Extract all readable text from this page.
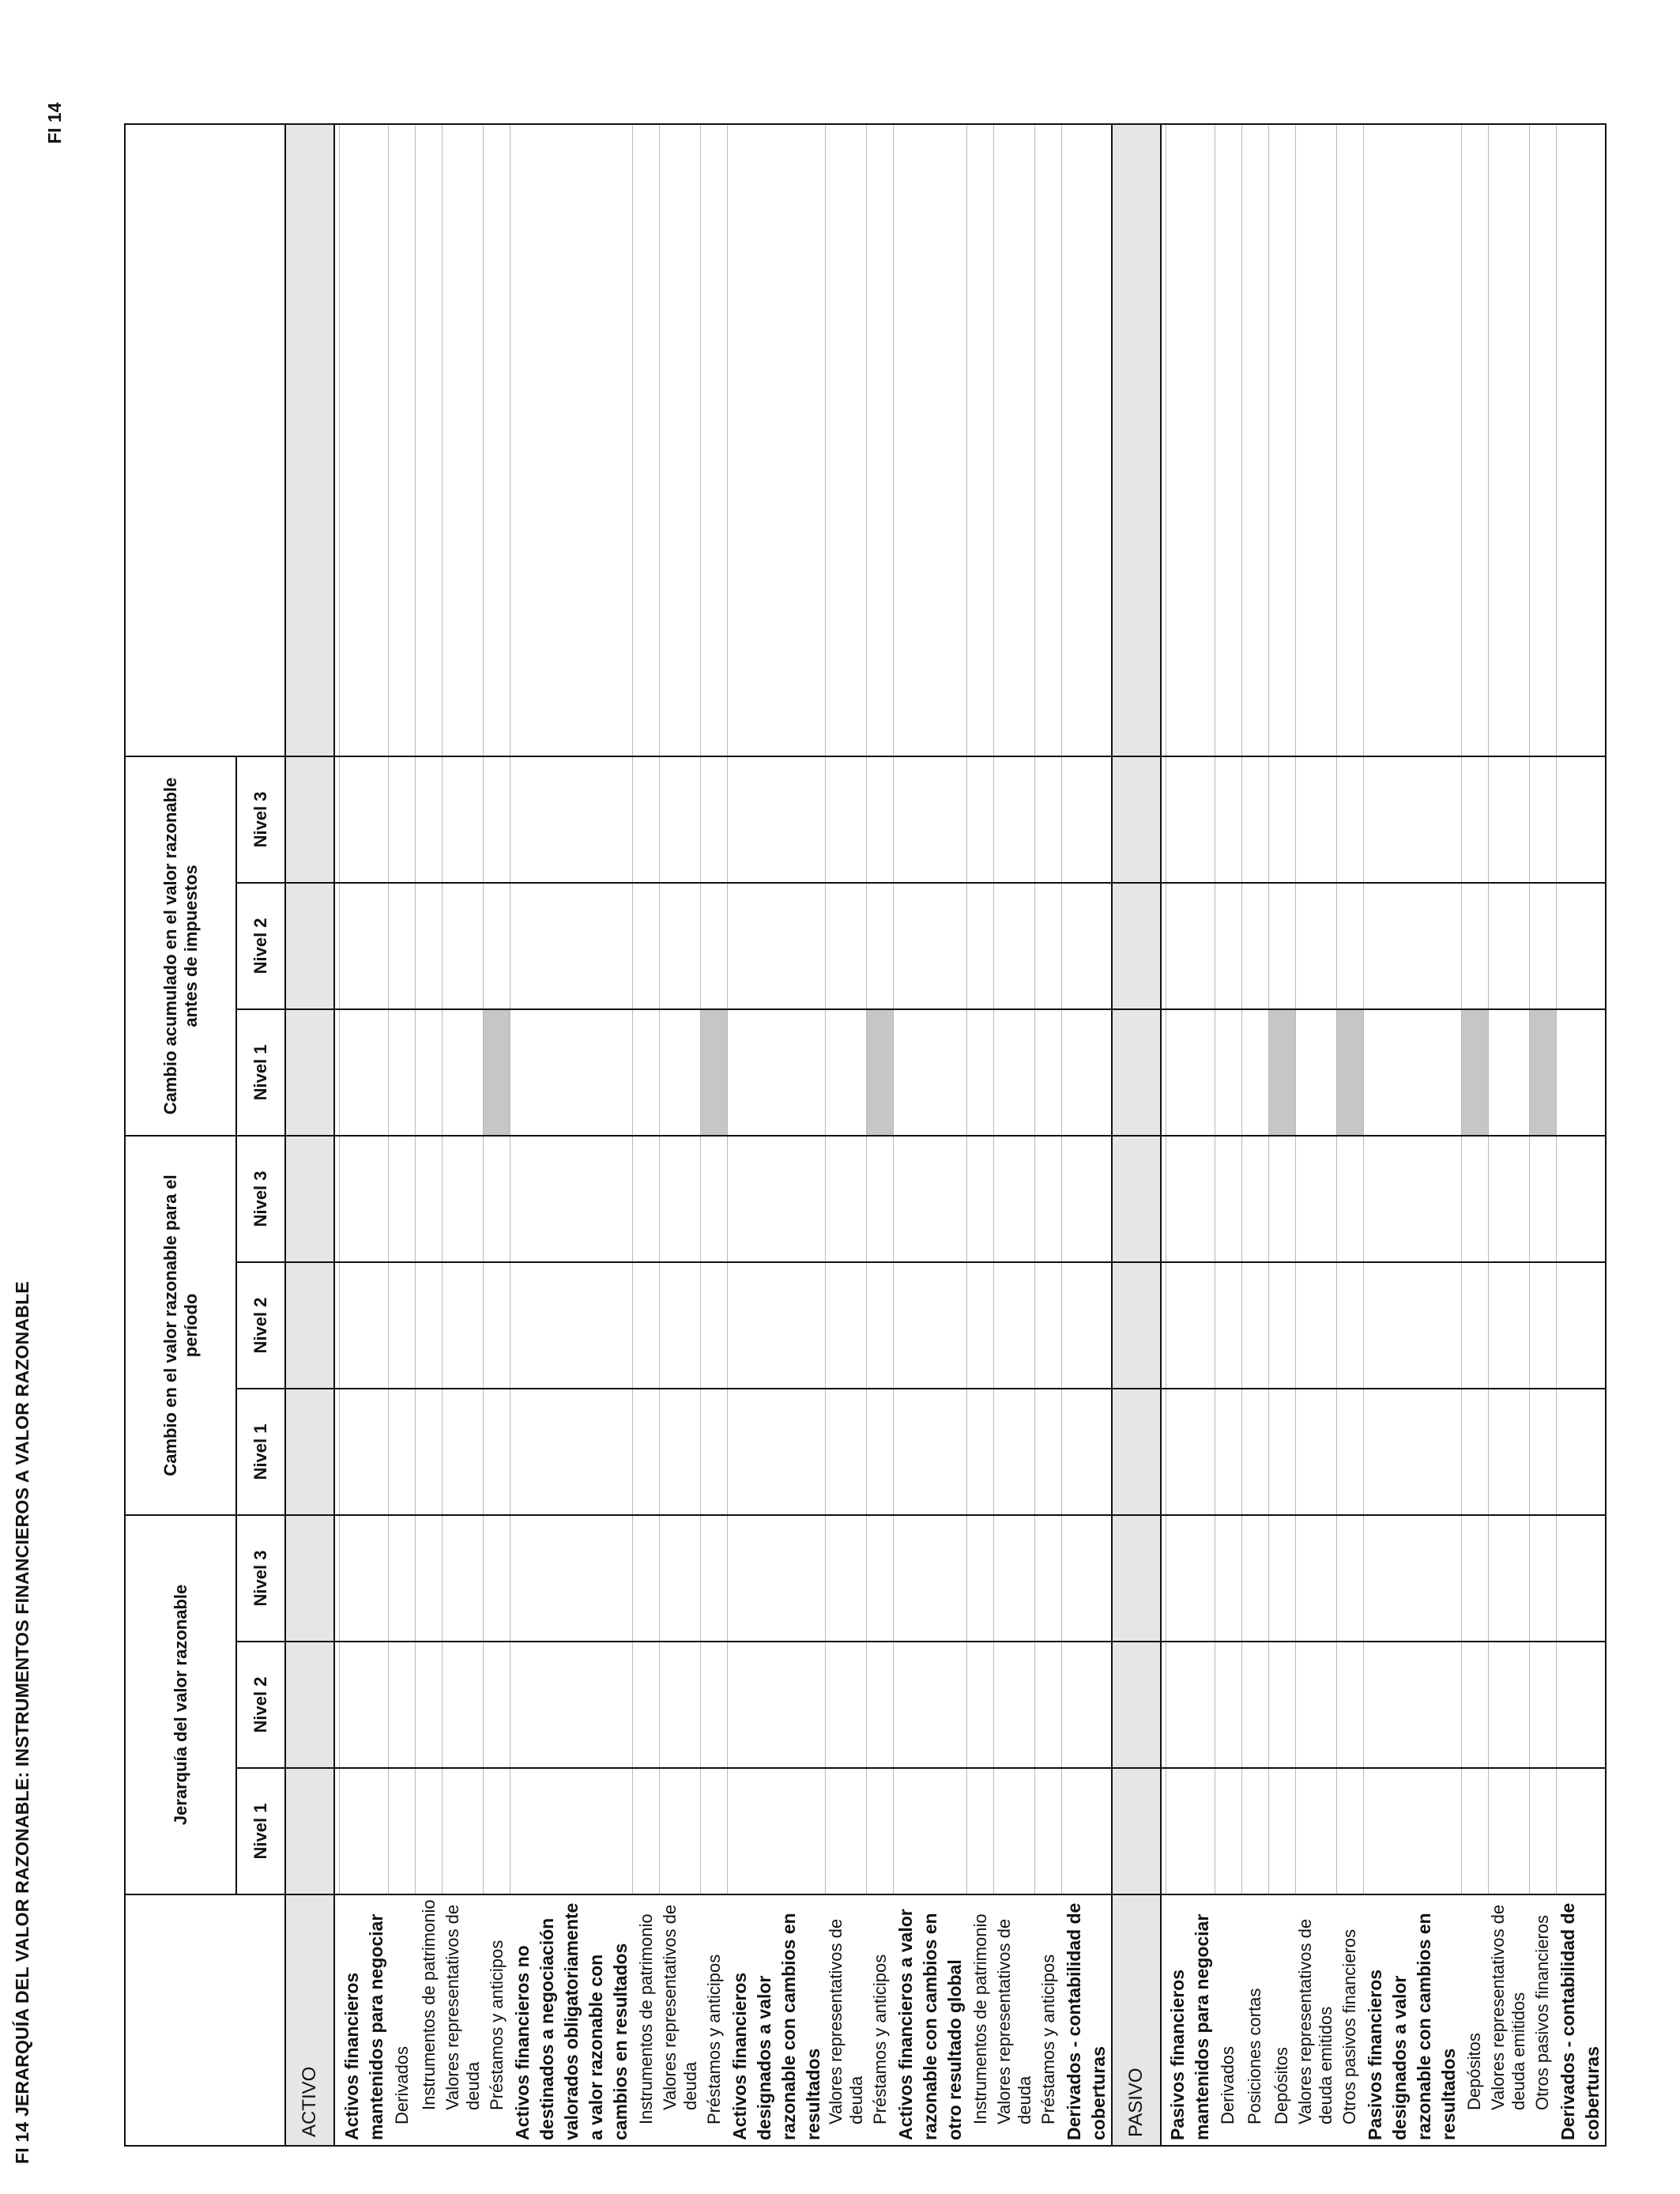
FI 14 JERARQUÍA DEL VALOR RAZONABLE: INSTRUMENTOS FINANCIEROS A VALOR RAZONABLE
FI 14
	Jerarquía del valor razonable			Cambio en el valor razonable para el período			Cambio acumulado en el valor razonable antes de impuestos			
	Nivel 1	Nivel 2	Nivel 3	Nivel 1	Nivel 2	Nivel 3	Nivel 1	Nivel 2	Nivel 3	
ACTIVO										

Activos financieros mantenidos para negociar										
Derivados										
Instrumentos de patrimonio										
Valores representativos de deuda										
Préstamos y anticipos										
Activos financieros no destinados a negociación valorados obligatoriamente a valor razonable con cambios en resultados										
Instrumentos de patrimonio										
Valores representativos de deuda										
Préstamos y anticipos										
Activos financieros designados a valor razonable con cambios en resultados										
Valores representativos de deuda										
Préstamos y anticipos										
Activos financieros a valor razonable con cambios en otro resultado global										
Instrumentos de patrimonio										
Valores representativos de deuda										
Préstamos y anticipos										
Derivados - contabilidad de coberturas										
PASIVO										

Pasivos financieros mantenidos para negociar										
Derivados										
Posiciones cortas										
Depósitos										
Valores representativos de deuda emitidos										
Otros pasivos financieros										
Pasivos financieros designados a valor razonable con cambios en resultados										
Depósitos										
Valores representativos de deuda emitidos										
Otros pasivos financieros										
Derivados - contabilidad de coberturas										
